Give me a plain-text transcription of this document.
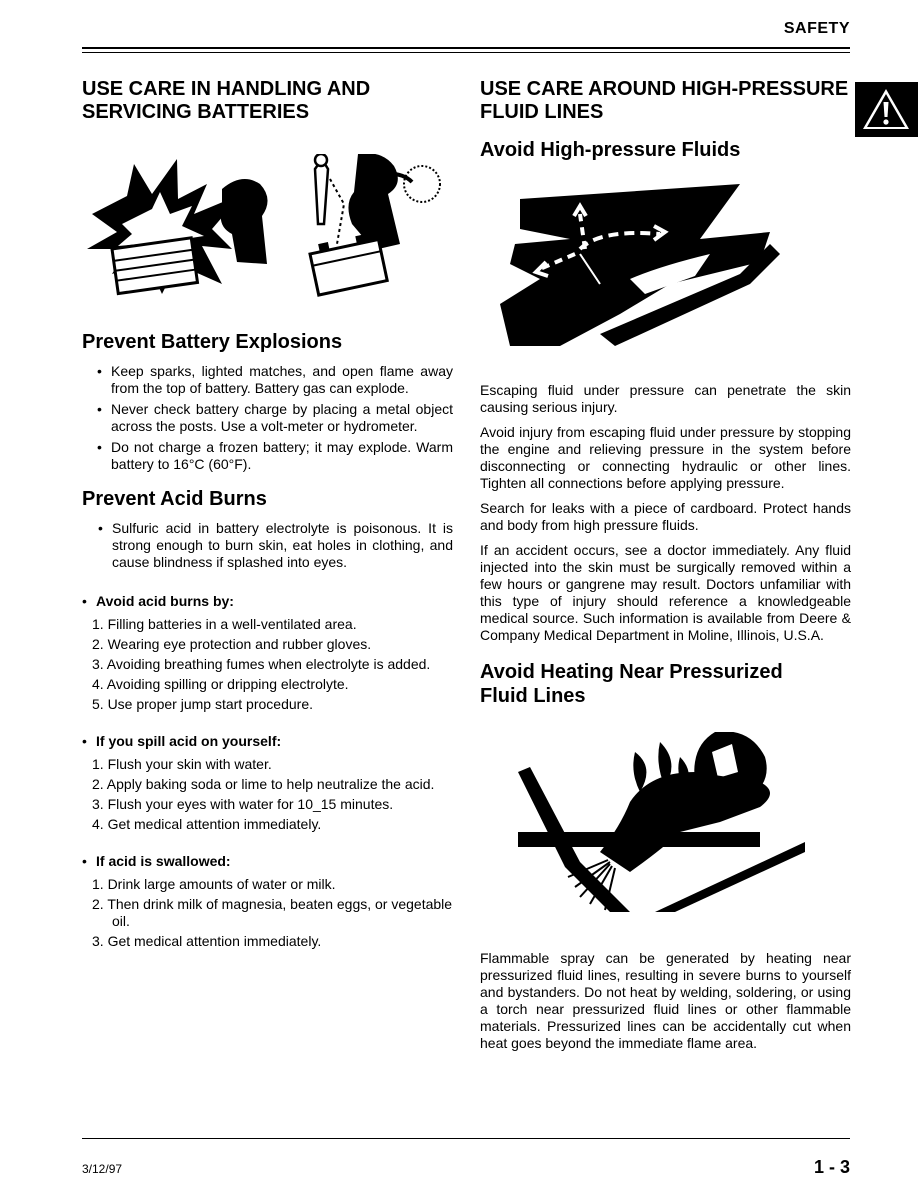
SAFETY
USE CARE IN HANDLING AND SERVICING BATTERIES
Prevent Battery Explosions
• Keep sparks, lighted matches, and open flame away from the top of battery. Battery gas can explode.
• Never check battery charge by placing a metal object across the posts. Use a volt-meter or hydrometer.
• Do not charge a frozen battery; it may explode. Warm battery to 16°C (60°F).
Prevent Acid Burns
• Sulfuric acid in battery electrolyte is poisonous. It is strong enough to burn skin, eat holes in clothing, and cause blindness if splashed into eyes.
• Avoid acid burns by:
1. Filling batteries in a well-ventilated area.
2. Wearing eye protection and rubber gloves.
3. Avoiding breathing fumes when electrolyte is added.
4. Avoiding spilling or dripping electrolyte.
5. Use proper jump start procedure.
• If you spill acid on yourself:
1. Flush your skin with water.
2. Apply baking soda or lime to help neutralize the acid.
3. Flush your eyes with water for 10_15 minutes.
4. Get medical attention immediately.
• If acid is swallowed:
1. Drink large amounts of water or milk.
2. Then drink milk of magnesia, beaten eggs, or vegetable oil.
3. Get medical attention immediately.
USE CARE AROUND HIGH-PRESSURE FLUID LINES
Avoid High-pressure Fluids

Escaping fluid under pressure can penetrate the skin causing serious injury.

Avoid injury from escaping fluid under pressure by stopping the engine and relieving pressure in the system before disconnecting or connecting hydraulic or other lines. Tighten all connections before applying pressure.

Search for leaks with a piece of cardboard. Protect hands and body from high pressure fluids.

If an accident occurs, see a doctor immediately. Any fluid injected into the skin must be surgically removed within a few hours or gangrene may result. Doctors unfamiliar with this type of injury should reference a knowledgeable medical source. Such information is available from Deere & Company Medical Department in Moline, Illinois, U.S.A.

Avoid Heating Near Pressurized Fluid Lines

Flammable spray can be generated by heating near pressurized fluid lines, resulting in severe burns to yourself and bystanders. Do not heat by welding, soldering, or using a torch near pressurized fluid lines or other flammable materials. Pressurized lines can be accidentally cut when heat goes beyond the immediate flame area.

3/12/97	1 - 3
